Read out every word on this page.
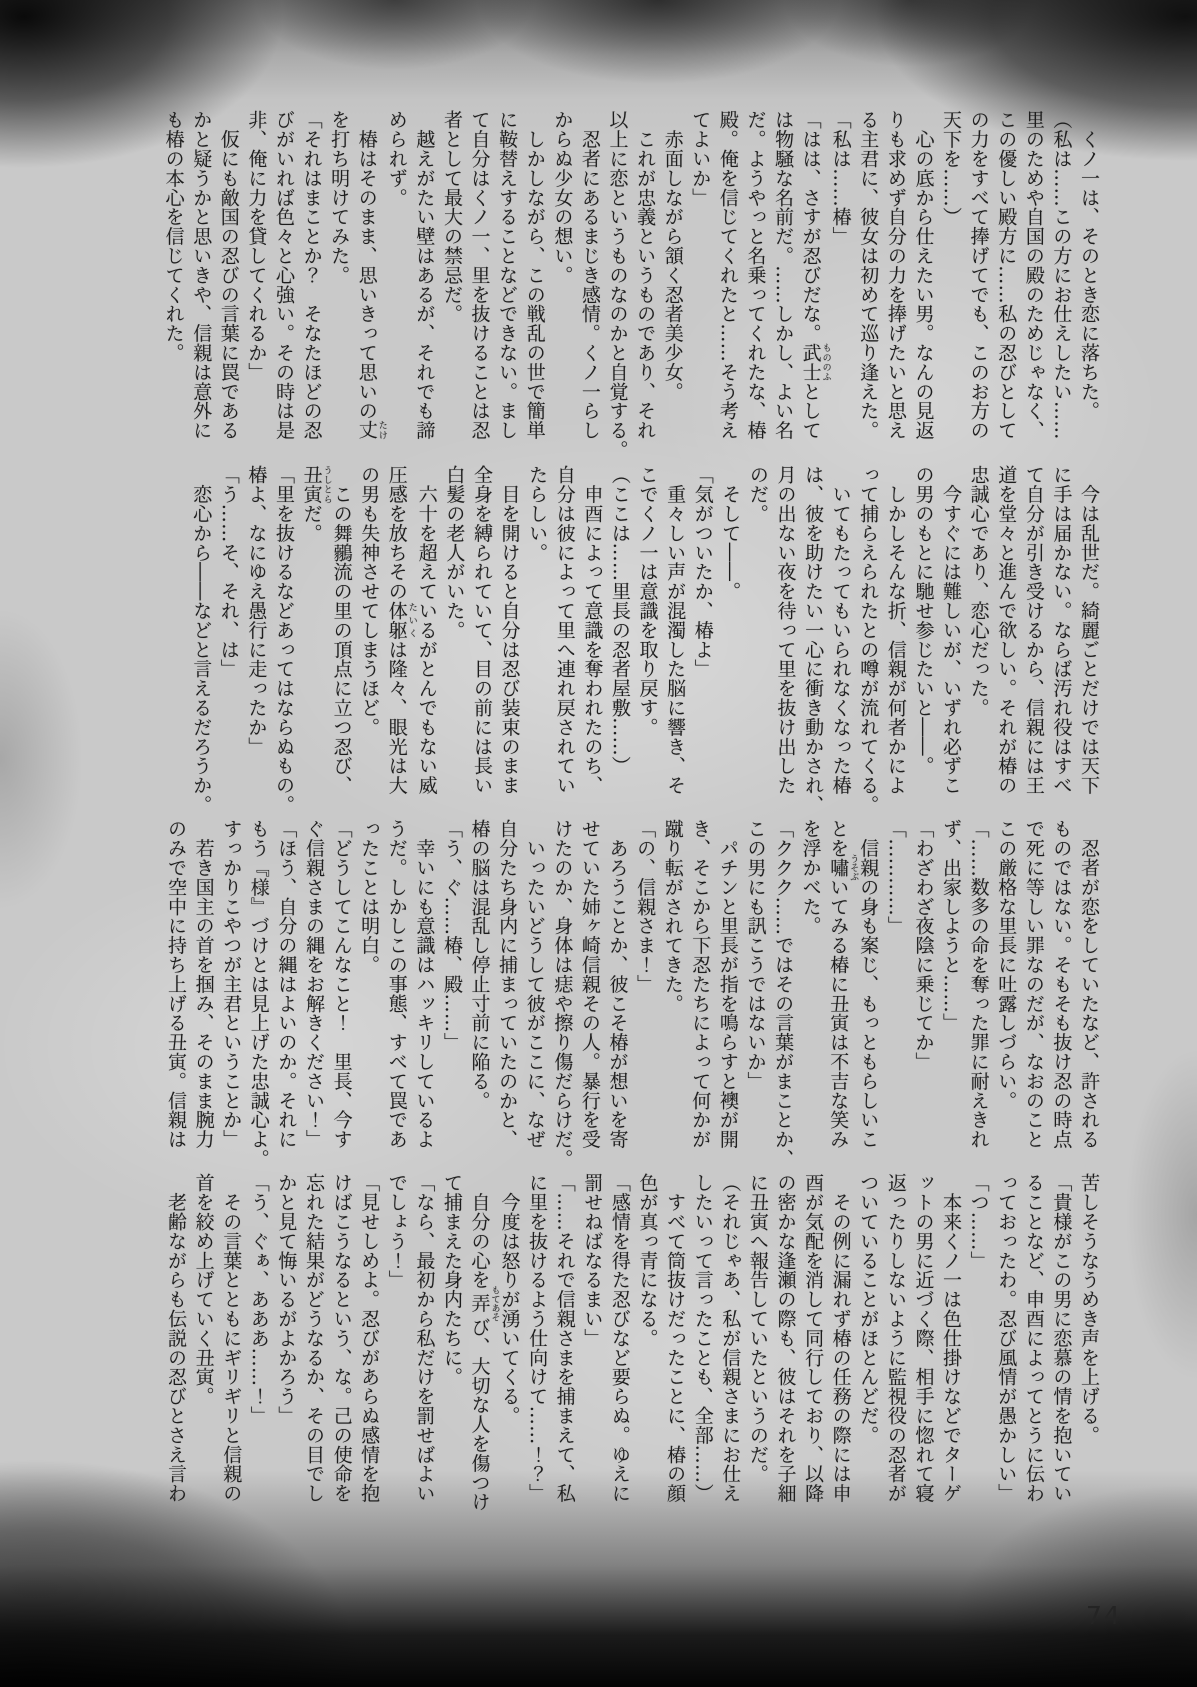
　くノ一は、そのとき恋に落ちた。
（私は……この方にお仕えしたい……
里のためや自国の殿のためじゃなく、
この優しい殿方に……私の忍びとして
の力をすべて捧げてでも、このお方の
天下を……）
　心の底から仕えたい男。なんの見返
りも求めず自分の力を捧げたいと思え
る主君に、彼女は初めて巡り逢えた。
「私は……椿」
「はは、さすが忍びだな。武士 もののふとして
は物騒な名前だ。……しかし、よい名
だ。ようやっと名乗ってくれたな、椿
殿。俺を信じてくれたと……そう考え
てよいか」
　赤面しながら頷く忍者美少女。
　これが忠義というものであり、それ
以上に恋というものなのかと自覚する。
　忍者にあるまじき感情。くノ一らし
からぬ少女の想い。
　しかしながら、この戦乱の世で簡単
に鞍替えすることなどできない。まし
て自分はくノ一、里を抜けることは忍
者として最大の禁忌だ。
　越えがたい壁はあるが、それでも諦
められず。
　椿はそのまま、思いきって思いの丈 たけ
を打ち明けてみた。
「それはまことか？　そなたほどの忍
びがいれば色々と心強い。その時は是
非、俺に力を貸してくれるか」
　仮にも敵国の忍びの言葉に罠である
かと疑うかと思いきや、信親は意外に
も椿の本心を信じてくれた。
　今は乱世だ。綺麗ごとだけでは天下
に手は届かない。ならば汚れ役はすべ
て自分が引き受けるから、信親には王
道を堂々と進んで欲しい。それが椿の
忠誠心であり、恋心だった。
　今すぐには難しいが、いずれ必ずこ
の男のもとに馳せ参じたいと――。
　しかしそんな折、信親が何者かによ
って捕らえられたとの噂が流れてくる。
　いてもたってもいられなくなった椿
は、彼を助けたい一心に衝き動かされ、
月の出ない夜を待って里を抜け出した
のだ。
　そして――。
「気がついたか、椿よ」
　重々しい声が混濁した脳に響き、そ
こでくノ一は意識を取り戻す。
（ここは……里長の忍者屋敷……）
　申酉によって意識を奪われたのち、
自分は彼によって里へ連れ戻されてい
たらしい。
　目を開けると自分は忍び装束のまま
全身を縛られていて、目の前には長い
白髪の老人がいた。
　六十を超えているがとんでもない威
圧感を放ちその体躯 たいくは隆々、眼光は大
の男も失神させてしまうほど。
　この舞鶸流の里の頂点に立つ忍び、
丑寅 うしとらだ。
「里を抜けるなどあってはならぬもの。
椿よ、なにゆえ愚行に走ったか」
「う……そ、それ、は」
　恋心から――などと言えるだろうか。
　忍者が恋をしていたなど、許される
ものではない。そもそも抜け忍の時点
で死に等しい罪なのだが、なおのこと
この厳格な里長に吐露しづらい。
「……数多の命を奪った罪に耐えきれ
ず、出家しようと……」
「わざわざ夜陰に乗じてか」
「…………」
　信親の身も案じ、もっともらしいこ
とを嘯 うそぶいてみる椿に丑寅は不吉な笑み
を浮かべた。
「ククク……ではその言葉がまことか、
この男にも訊こうではないか」
　パチンと里長が指を鳴らすと襖が開
き、そこから下忍たちによって何かが
蹴り転がされてきた。
「の、信親さま！」
　あろうことか、彼こそ椿が想いを寄
せていた姉ヶ崎信親その人。暴行を受
けたのか、身体は痣や擦り傷だらけだ。
　いったいどうして彼がここに、なぜ
自分たち身内に捕まっていたのかと、
椿の脳は混乱し停止寸前に陥る。
「う、ぐ……椿、殿……」
　幸いにも意識はハッキリしているよ
うだ。しかしこの事態、すべて罠であ
ったことは明白。
「どうしてこんなこと！　里長、今す
ぐ信親さまの縄をお解きください！」
「ほう、自分の縄はよいのか。それに
もう『様』づけとは見上げた忠誠心よ。
すっかりこやつが主君ということか」
　若き国主の首を掴み、そのまま腕力
のみで空中に持ち上げる丑寅。信親は
苦しそうなうめき声を上げる。
「貴様がこの男に恋慕の情を抱いてい
ることなど、申酉によってとうに伝わ
っておったわ。忍び風情が愚かしい」
「つ……」
　本来くノ一は色仕掛けなどでターゲ
ットの男に近づく際、相手に惚れて寝
返ったりしないように監視役の忍者が
ついていることがほとんどだ。
　その例に漏れず椿の任務の際には申
酉が気配を消して同行しており、以降
の密かな逢瀬の際も、彼はそれを子細
に丑寅へ報告していたというのだ。
（それじゃあ、私が信親さまにお仕え
したいって言ったことも、全部……）
　すべて筒抜けだったことに、椿の顔
色が真っ青になる。
「感情を得た忍びなど要らぬ。ゆえに
罰せねばなるまい」
「……それで信親さまを捕まえて、私
に里を抜けるよう仕向けて……！？」
　今度は怒りが湧いてくる。
　自分の心を弄 もてあそび、大切な人を傷つけ
て捕まえた身内たちに。
「なら、最初から私だけを罰せばよい
でしょう！」
「見せしめよ。忍びがあらぬ感情を抱
けばこうなるという、な。己の使命を
忘れた結果がどうなるか、その目でし
かと見て悔いるがよかろう」
「う、ぐぁ、あああ……！」
　その言葉とともにギリギリと信親の
首を絞め上げていく丑寅。
　老齢ながらも伝説の忍びとさえ言わ
74
